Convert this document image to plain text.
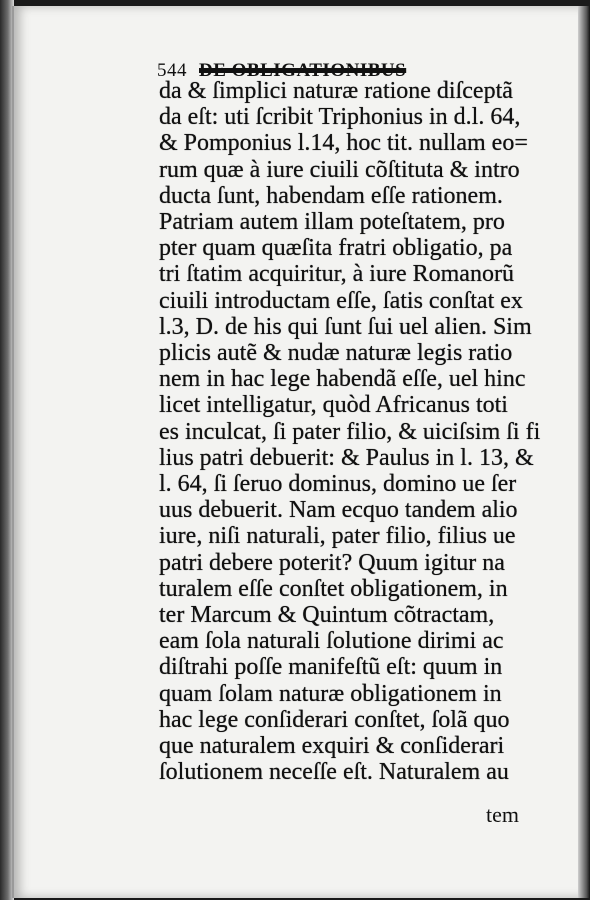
544 DE OBLIGATIONIBUS
da & ſimplici naturæ ratione diſceptã
da eſt: uti ſcribit Triphonius in d.l. 64,
& Pomponius l.14, hoc tit. nullam eo=
rum quæ à iure ciuili cõſtituta & intro
ducta ſunt, habendam eſſe rationem.
Patriam autem illam poteſtatem, pro
pter quam quæſita fratri obligatio, pa
tri ſtatim acquiritur, à iure Romanorũ
ciuili introductam eſſe, ſatis conſtat ex
l.3, D. de his qui ſunt ſui uel alien. Sim
plicis autẽ & nudæ naturæ legis ratio
nem in hac lege habendã eſſe, uel hinc
licet intelligatur, quòd Africanus toti
es inculcat, ſi pater filio, & uiciſsim ſi fi
lius patri debuerit: & Paulus in l. 13, &
l. 64, ſi ſeruo dominus, domino ue ſer
uus debuerit. Nam ecquo tandem alio
iure, niſi naturali, pater filio, filius ue
patri debere poterit? Quum igitur na
turalem eſſe conſtet obligationem, in
ter Marcum & Quintum cõtractam,
eam ſola naturali ſolutione dirimi ac
diſtrahi poſſe manifeſtũ eſt: quum in
quam ſolam naturæ obligationem in
hac lege conſiderari conſtet, ſolã quo
que naturalem exquiri & conſiderari
ſolutionem neceſſe eſt. Naturalem au
tem
